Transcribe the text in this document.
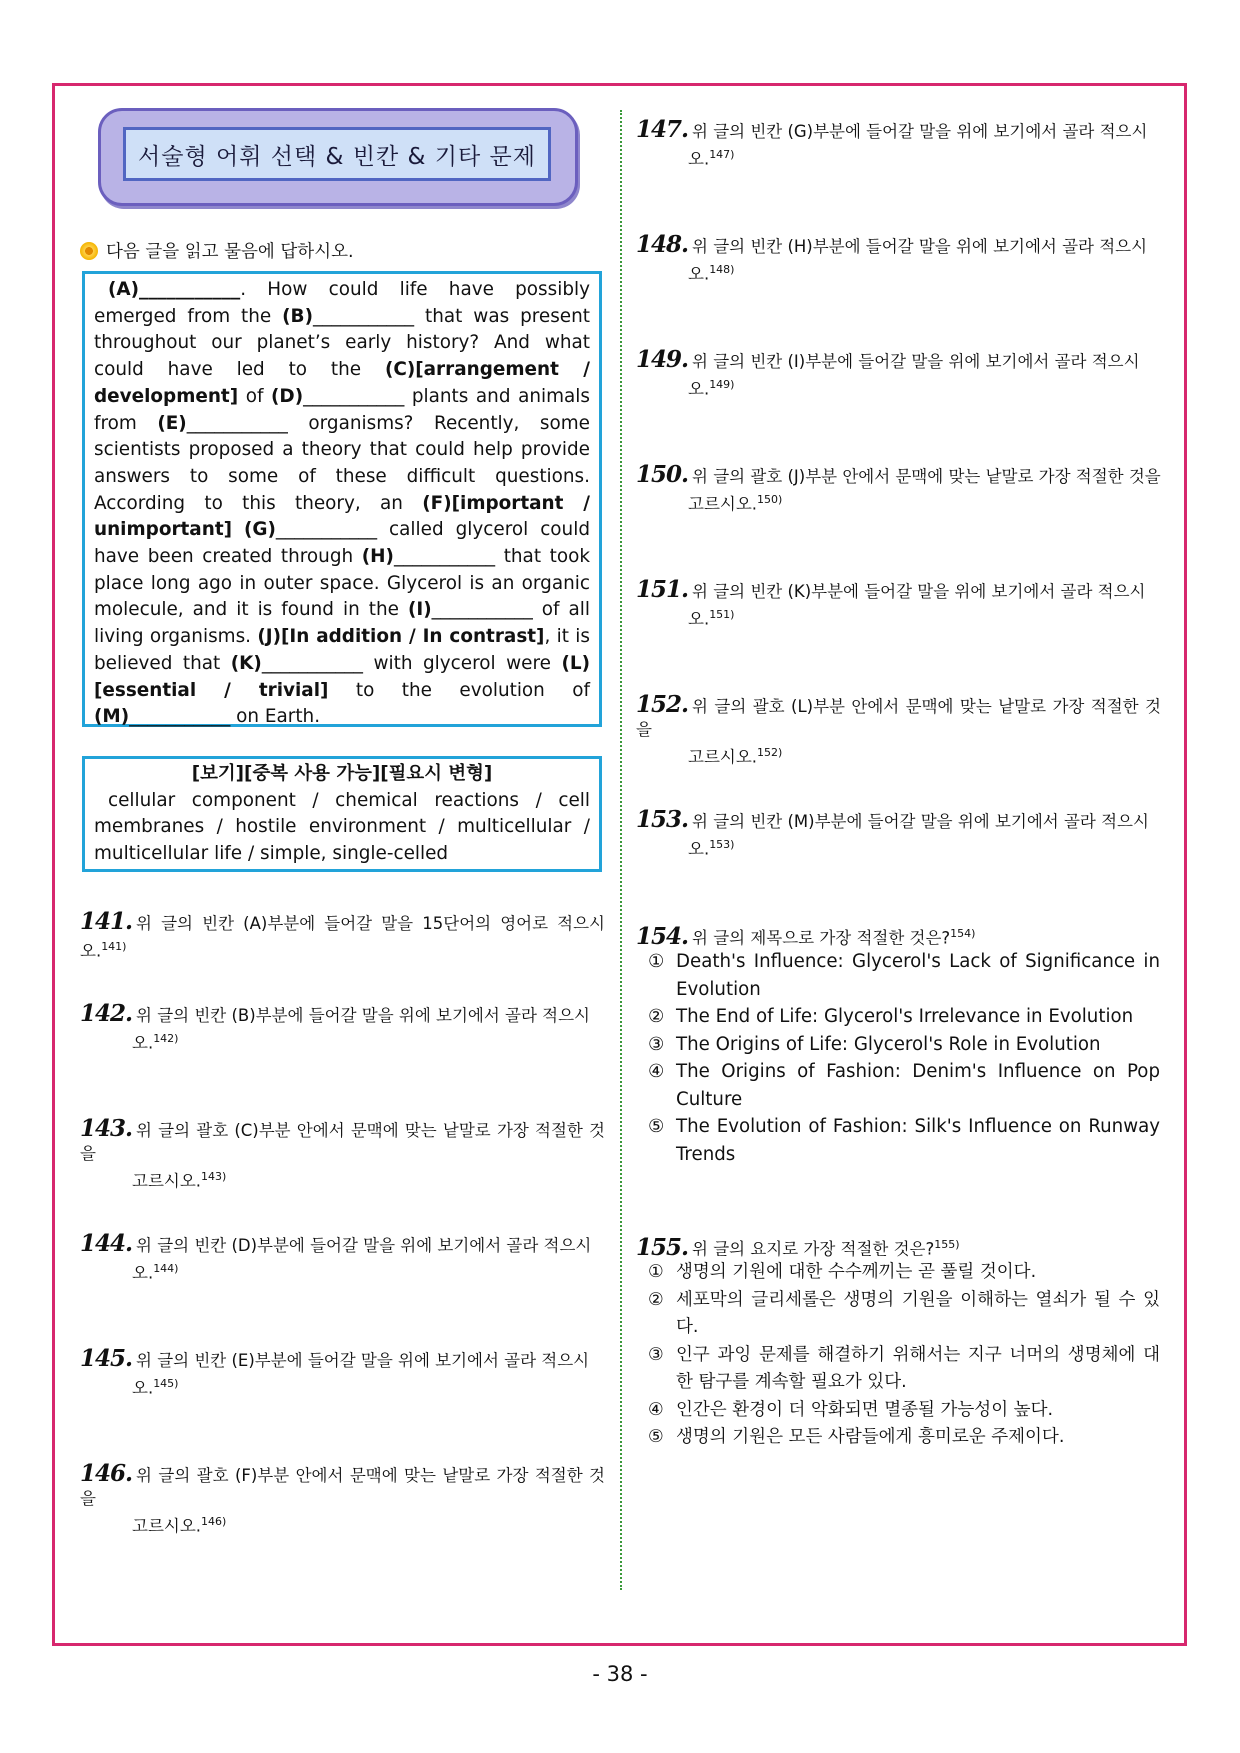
서술형 어휘 선택 & 빈칸 & 기타 문제
다음 글을 읽고 물음에 답하시오.

(A)___________. How could life have possibly emerged from the (B)___________ that was present throughout our planet’s early history? And what could have led to the (C)[arrangement / development] of (D)___________ plants and animals from (E)___________ organisms? Recently, some scientists proposed a theory that could help provide answers to some of these difficult questions. According to this theory, an (F)[important / unimportant] (G)___________ called glycerol could have been created through (H)___________ that took place long ago in outer space. Glycerol is an organic molecule, and it is found in the (I)___________ of all living organisms. (J)[In addition / In contrast], it is believed that (K)___________ with glycerol were (L)[essential / trivial] to the evolution of (M)___________ on Earth.

[보기][중복 사용 가능][필요시 변형]
cellular component / chemical reactions / cell membranes / hostile environment / multicellular / multicellular life / simple, single-celled
141. 위 글의 빈칸 (A)부분에 들어갈 말을 15단어의 영어로 적으시오.$^{141)}$
142. 위 글의 빈칸 (B)부분에 들어갈 말을 위에 보기에서 골라 적으시
오.$^{142)}$
143. 위 글의 괄호 (C)부분 안에서 문맥에 맞는 낱말로 가장 적절한 것을
고르시오.$^{143)}$
144. 위 글의 빈칸 (D)부분에 들어갈 말을 위에 보기에서 골라 적으시
오.$^{144)}$
145. 위 글의 빈칸 (E)부분에 들어갈 말을 위에 보기에서 골라 적으시
오.$^{145)}$
146. 위 글의 괄호 (F)부분 안에서 문맥에 맞는 낱말로 가장 적절한 것을
고르시오.$^{146)}$
147. 위 글의 빈칸 (G)부분에 들어갈 말을 위에 보기에서 골라 적으시
오.$^{147)}$
148. 위 글의 빈칸 (H)부분에 들어갈 말을 위에 보기에서 골라 적으시
오.$^{148)}$
149. 위 글의 빈칸 (I)부분에 들어갈 말을 위에 보기에서 골라 적으시
오.$^{149)}$
150. 위 글의 괄호 (J)부분 안에서 문맥에 맞는 낱말로 가장 적절한 것을
고르시오.$^{150)}$
151. 위 글의 빈칸 (K)부분에 들어갈 말을 위에 보기에서 골라 적으시
오.$^{151)}$
152. 위 글의 괄호 (L)부분 안에서 문맥에 맞는 낱말로 가장 적절한 것을
고르시오.$^{152)}$
153. 위 글의 빈칸 (M)부분에 들어갈 말을 위에 보기에서 골라 적으시
오.$^{153)}$
154. 위 글의 제목으로 가장 적절한 것은?$^{154)}$
① Death's Influence: Glycerol's Lack of Significance in Evolution
② The End of Life: Glycerol's Irrelevance in Evolution
③ The Origins of Life: Glycerol's Role in Evolution
④ The Origins of Fashion: Denim's Influence on Pop Culture
⑤ The Evolution of Fashion: Silk's Influence on Runway Trends
155. 위 글의 요지로 가장 적절한 것은?$^{155)}$
① 생명의 기원에 대한 수수께끼는 곧 풀릴 것이다.
② 세포막의 글리세롤은 생명의 기원을 이해하는 열쇠가 될 수 있다.
③ 인구 과잉 문제를 해결하기 위해서는 지구 너머의 생명체에 대한 탐구를 계속할 필요가 있다.
④ 인간은 환경이 더 악화되면 멸종될 가능성이 높다.
⑤ 생명의 기원은 모든 사람들에게 흥미로운 주제이다.
- 38 -
